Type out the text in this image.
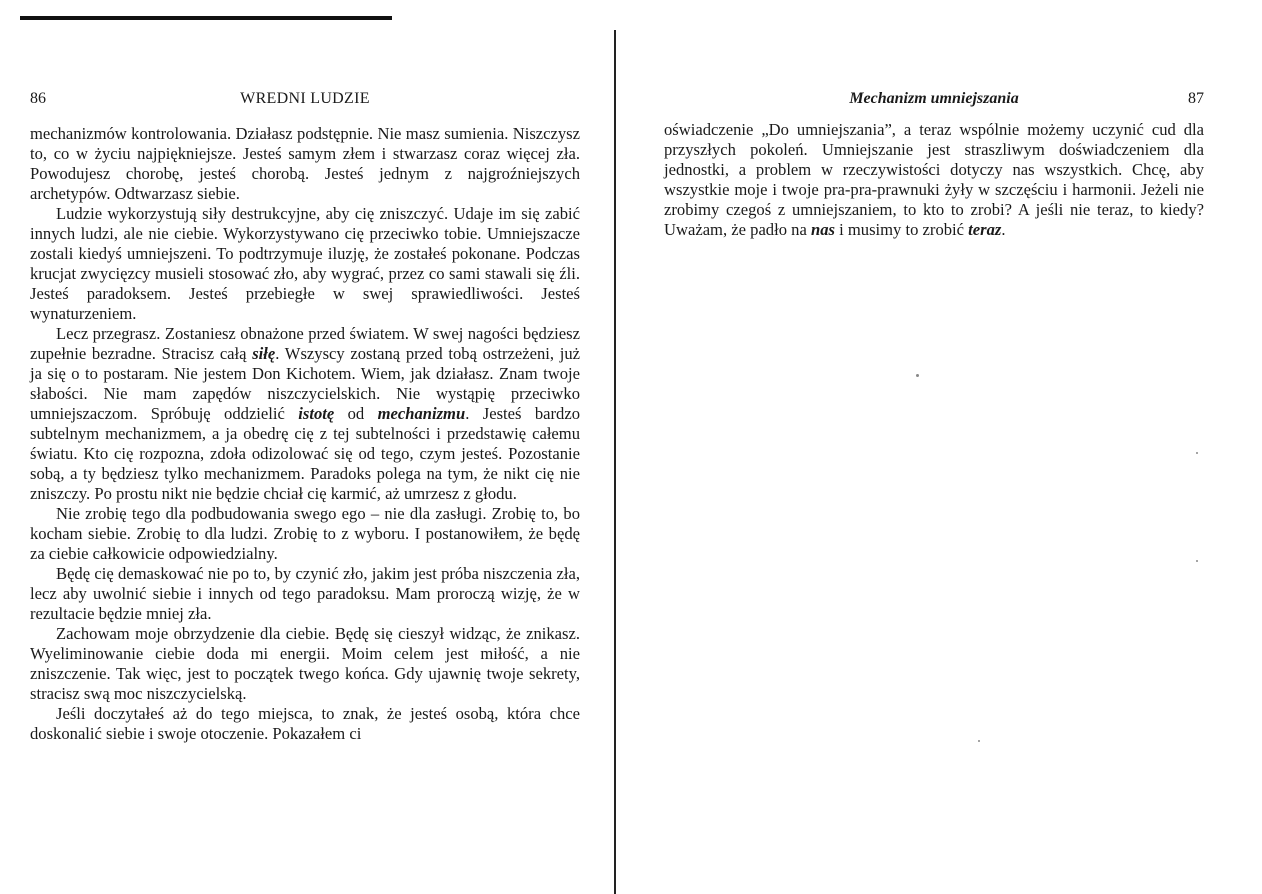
86	WREDNI LUDZIE

mechanizmów kontrolowania. Działasz podstępnie. Nie masz sumienia. Niszczysz to, co w życiu najpiękniejsze. Jesteś samym złem i stwarzasz coraz więcej zła. Powodujesz chorobę, jesteś chorobą. Jesteś jednym z najgroźniejszych archetypów. Odtwarzasz siebie.

Ludzie wykorzystują siły destrukcyjne, aby cię zniszczyć. Udaje im się zabić innych ludzi, ale nie ciebie. Wykorzystywano cię przeciwko tobie. Umniejszacze zostali kiedyś umniejszeni. To podtrzymuje iluzję, że zostałeś pokonane. Podczas krucjat zwycięzcy musieli stosować zło, aby wygrać, przez co sami stawali się źli. Jesteś paradoksem. Jesteś przebiegłe w swej sprawiedliwości. Jesteś wynaturzeniem.

Lecz przegrasz. Zostaniesz obnażone przed światem. W swej nagości będziesz zupełnie bezradne. Stracisz całą siłę. Wszyscy zostaną przed tobą ostrzeżeni, już ja się o to postaram. Nie jestem Don Kichotem. Wiem, jak działasz. Znam twoje słabości. Nie mam zapędów niszczycielskich. Nie wystąpię przeciwko umniejszaczom. Spróbuję oddzielić istotę od mechanizmu. Jesteś bardzo subtelnym mechanizmem, a ja obedrę cię z tej subtelności i przedstawię całemu światu. Kto cię rozpozna, zdoła odizolować się od tego, czym jesteś. Pozostanie sobą, a ty będziesz tylko mechanizmem. Paradoks polega na tym, że nikt cię nie zniszczy. Po prostu nikt nie będzie chciał cię karmić, aż umrzesz z głodu.

Nie zrobię tego dla podbudowania swego ego – nie dla zasługi. Zrobię to, bo kocham siebie. Zrobię to dla ludzi. Zrobię to z wyboru. I postanowiłem, że będę za ciebie całkowicie odpowiedzialny.

Będę cię demaskować nie po to, by czynić zło, jakim jest próba niszczenia zła, lecz aby uwolnić siebie i innych od tego paradoksu. Mam proroczą wizję, że w rezultacie będzie mniej zła.

Zachowam moje obrzydzenie dla ciebie. Będę się cieszył widząc, że znikasz. Wyeliminowanie ciebie doda mi energii. Moim celem jest miłość, a nie zniszczenie. Tak więc, jest to początek twego końca. Gdy ujawnię twoje sekrety, stracisz swą moc niszczycielską.

Jeśli doczytałeś aż do tego miejsca, to znak, że jesteś osobą, która chce doskonalić siebie i swoje otoczenie. Pokazałem ci

Mechanizm umniejszania	87

oświadczenie „Do umniejszania”, a teraz wspólnie możemy uczynić cud dla przyszłych pokoleń. Umniejszanie jest straszliwym doświadczeniem dla jednostki, a problem w rzeczywistości dotyczy nas wszystkich. Chcę, aby wszystkie moje i twoje pra-pra-prawnuki żyły w szczęściu i harmonii. Jeżeli nie zrobimy czegoś z umniejszaniem, to kto to zrobi? A jeśli nie teraz, to kiedy? Uważam, że padło na nas i musimy to zrobić teraz.
